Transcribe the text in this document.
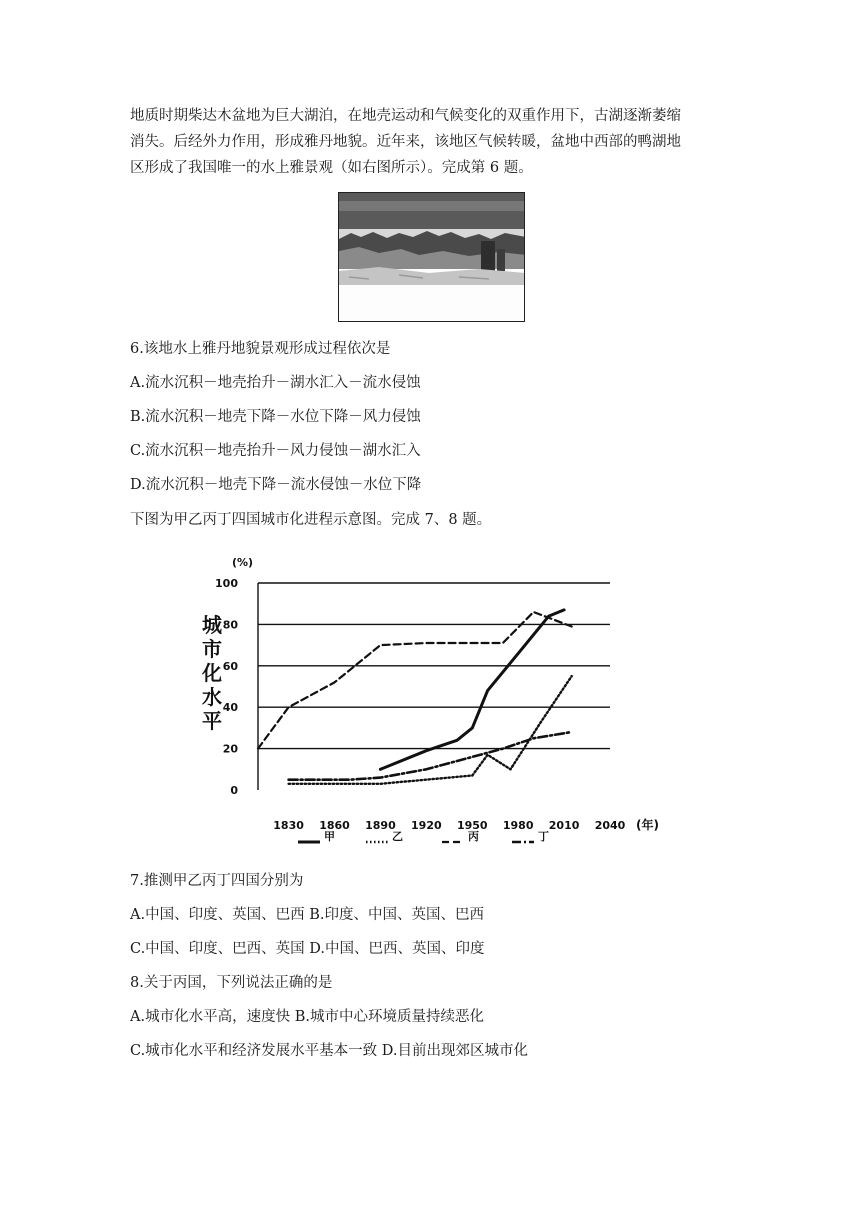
地质时期柴达木盆地为巨大湖泊，在地壳运动和气候变化的双重作用下，古湖逐渐萎缩
消失。后经外力作用，形成雅丹地貌。近年来，该地区气候转暖，盆地中西部的鸭湖地
区形成了我国唯一的水上雅景观（如右图所示）。完成第 6 题。
6.该地水上雅丹地貌景观形成过程依次是
A.流水沉积－地壳抬升－湖水汇入－流水侵蚀
B.流水沉积－地壳下降－水位下降－风力侵蚀
C.流水沉积－地壳抬升－风力侵蚀－湖水汇入
D.流水沉积－地壳下降－流水侵蚀－水位下降
下图为甲乙丙丁四国城市化进程示意图。完成 7、8 题。
0
20
40
60
80
100
1830 1860 1890 1920 1950 1980 2010 2040
(%)
(年)
城市化水平
甲	乙	丙	丁
7.推测甲乙丙丁四国分别为
A.中国、印度、英国、巴西 B.印度、中国、英国、巴西
C.中国、印度、巴西、英国 D.中国、巴西、英国、印度
8.关于丙国，下列说法正确的是
A.城市化水平高，速度快 B.城市中心环境质量持续恶化
C.城市化水平和经济发展水平基本一致 D.目前出现郊区城市化
